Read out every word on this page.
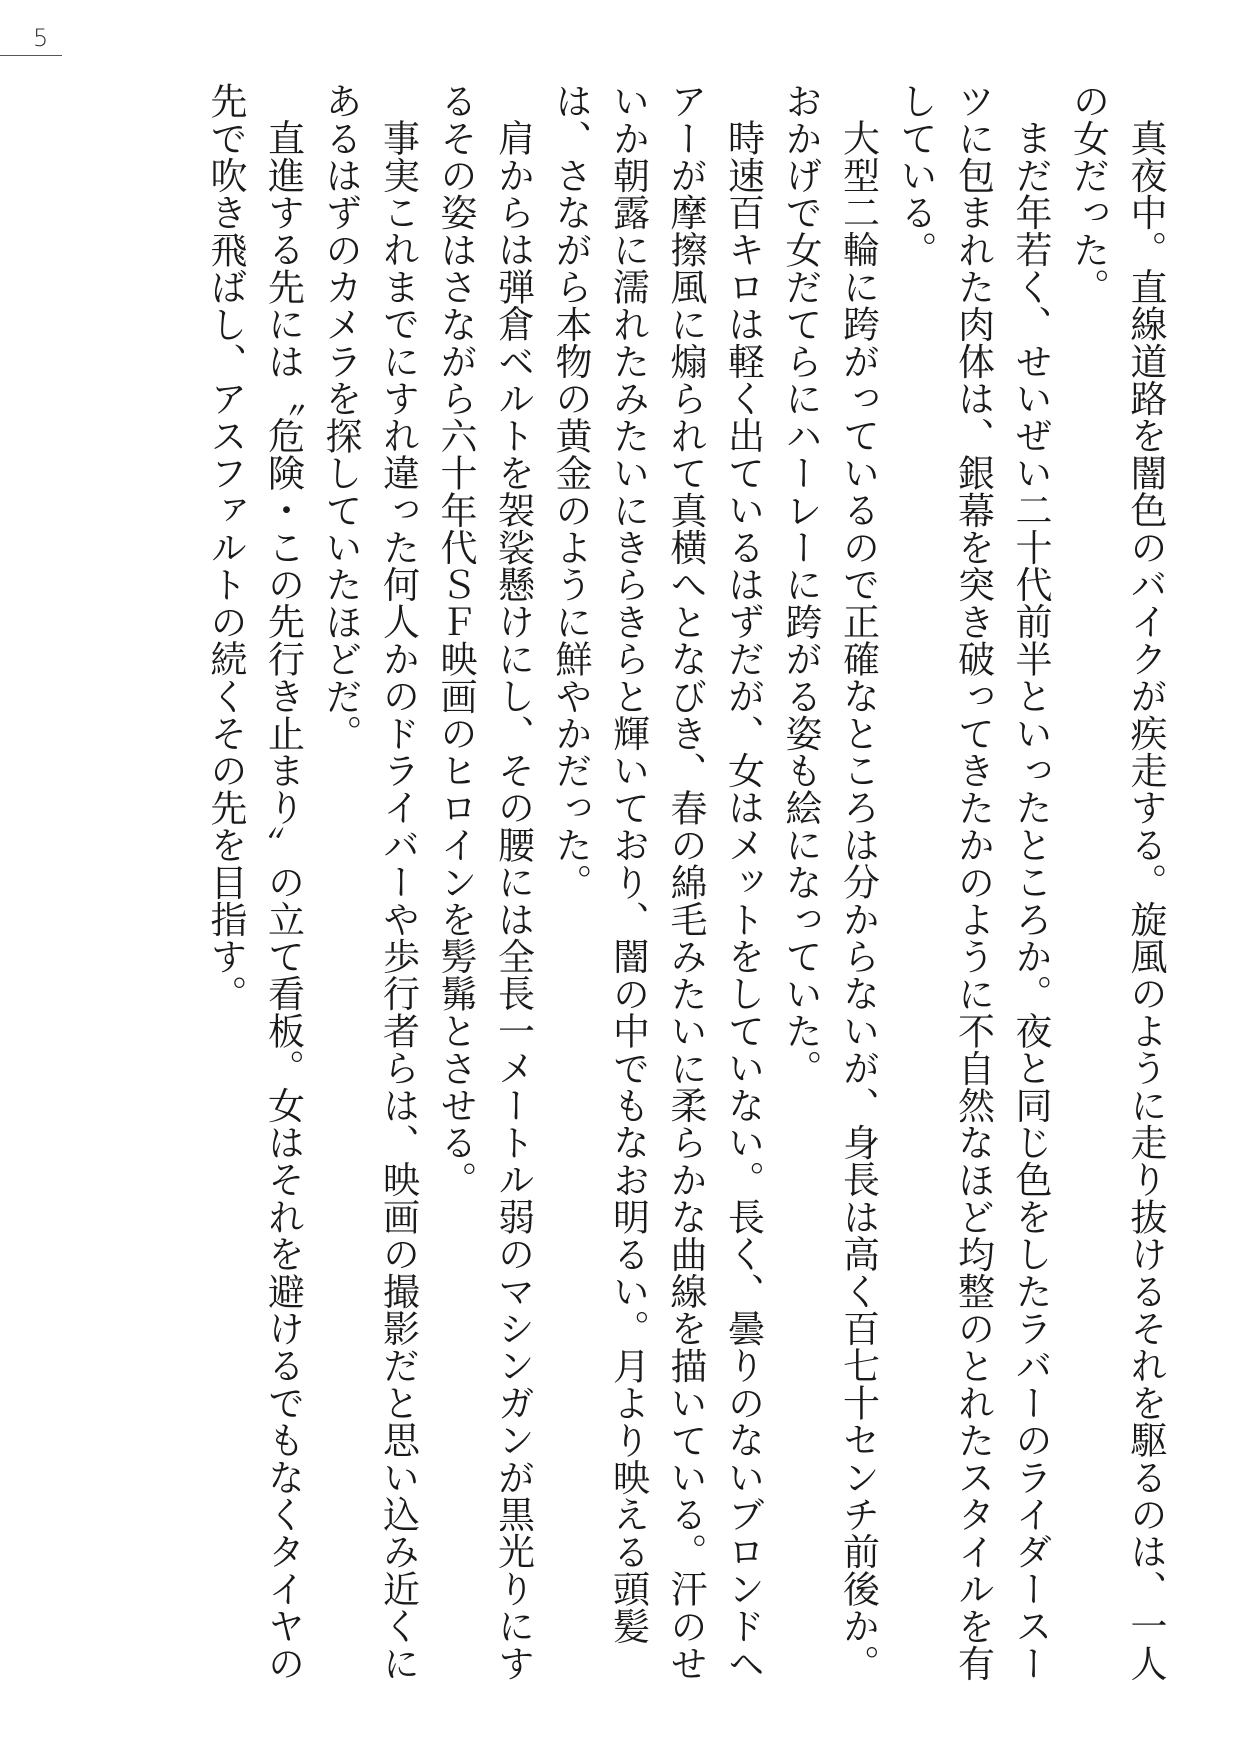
5

真夜中。直線道路を闇色のバイクが疾走する。旋風のように走り抜けるそれを駆るのは、一人の女だった。

まだ年若く、せいぜい二十代前半といったところか。夜と同じ色をしたラバーのライダースーツに包まれた肉体は、銀幕を突き破ってきたかのように不自然なほど均整のとれたスタイルを有している。

大型二輪に跨がっているので正確なところは分からないが、身長は高く百七十センチ前後か。おかげで女だてらにハーレーに跨がる姿も絵になっていた。

時速百キロは軽く出ているはずだが、女はメットをしていない。長く、曇りのないブロンドヘアーが摩擦風に煽られて真横へとなびき、春の綿毛みたいに柔らかな曲線を描いている。汗のせいか朝露に濡れたみたいにきらきらと輝いており、闇の中でもなお明るい。月より映える頭髪は、さながら本物の黄金のように鮮やかだった。

肩からは弾倉ベルトを袈裟懸けにし、その腰には全長一メートル弱のマシンガンが黒光りにするその姿はさながら六十年代ＳＦ映画のヒロインを髣髴とさせる。

事実これまでにすれ違った何人かのドライバーや歩行者らは、映画の撮影だと思い込み近くにあるはずのカメラを探していたほどだ。

直進する先には〝危険・この先行き止まり〟の立て看板。女はそれを避けるでもなくタイヤの先で吹き飛ばし、アスファルトの続くその先を目指す。
